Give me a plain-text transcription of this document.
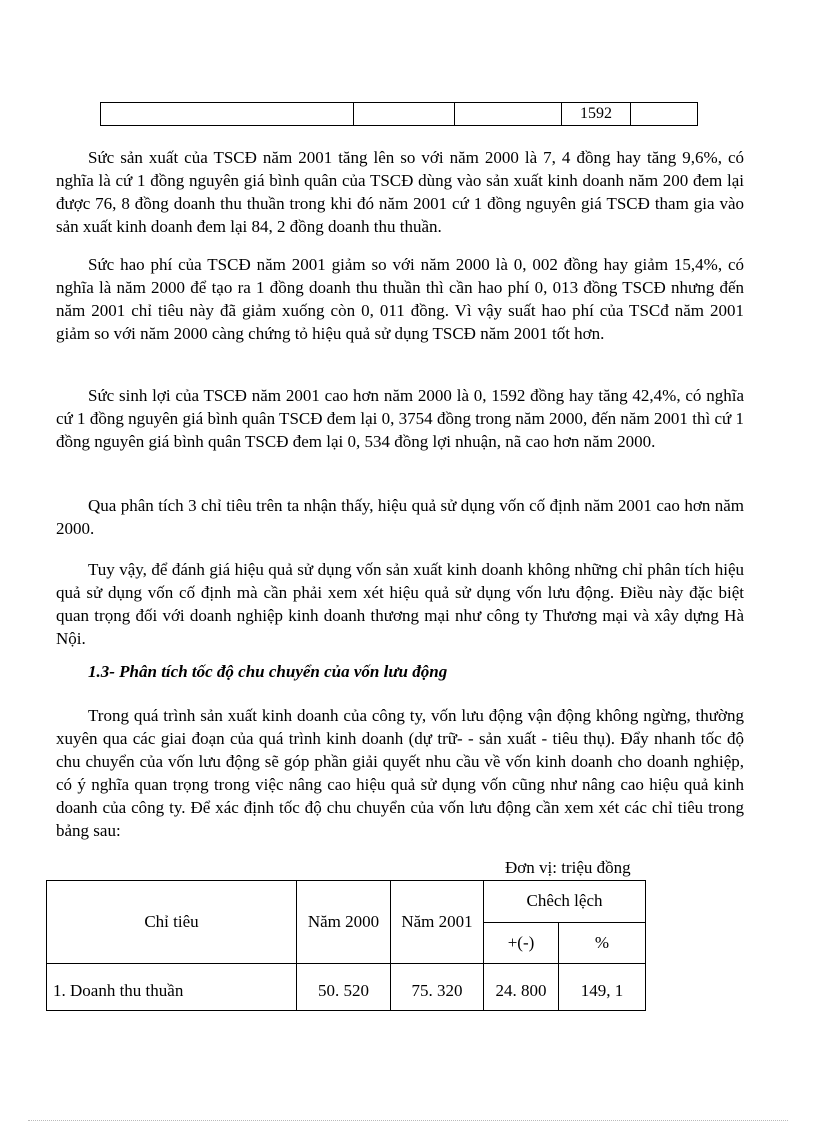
			1592	

Sức sản xuất của TSCĐ năm 2001 tăng lên so với năm 2000 là 7, 4 đồng hay tăng 9,6%, có nghĩa là cứ 1 đồng nguyên giá bình quân của TSCĐ dùng vào sản xuất kinh doanh năm 200 đem lại được 76, 8 đồng doanh thu thuần trong khi đó năm 2001 cứ 1 đồng nguyên giá TSCĐ tham gia vào sản xuất kinh doanh đem lại 84, 2 đồng doanh thu thuần.

Sức hao phí của TSCĐ năm 2001 giảm so với năm 2000 là 0, 002 đồng hay giảm 15,4%, có nghĩa là năm 2000 để tạo ra 1 đồng doanh thu thuần thì cần hao phí 0, 013 đồng TSCĐ nhưng đến năm 2001 chỉ tiêu này đã giảm xuống còn 0, 011 đồng. Vì vậy suất hao phí của TSCđ năm 2001 giảm so với năm 2000 càng chứng tỏ hiệu quả sử dụng TSCĐ năm 2001 tốt hơn.

Sức sinh lợi của TSCĐ năm 2001 cao hơn năm 2000 là 0, 1592 đồng hay tăng 42,4%, có nghĩa cứ 1 đồng nguyên giá bình quân TSCĐ đem lại 0, 3754 đồng trong năm 2000, đến năm 2001 thì cứ 1 đồng nguyên giá bình quân TSCĐ đem lại 0, 534 đồng lợi nhuận, nã cao hơn năm 2000.

Qua phân tích 3 chỉ tiêu trên ta nhận thấy, hiệu quả sử dụng vốn cố định năm 2001 cao hơn năm 2000.

Tuy vậy, để đánh giá hiệu quả sử dụng vốn sản xuất kinh doanh không những chỉ phân tích hiệu quả sử dụng vốn cố định mà cần phải xem xét hiệu quả sử dụng vốn lưu động. Điều này đặc biệt quan trọng đối với doanh nghiệp kinh doanh thương mại như công ty Thương mại và xây dựng Hà Nội.

1.3- Phân tích tốc độ chu chuyển của vốn lưu động

Trong quá trình sản xuất kinh doanh của công ty, vốn lưu động vận động không ngừng, thường xuyên qua các giai đoạn của quá trình kinh doanh (dự trữ- - sản xuất - tiêu thụ). Đẩy nhanh tốc độ chu chuyển của vốn lưu động sẽ góp phần giải quyết nhu cầu về vốn kinh doanh cho doanh nghiệp, có ý nghĩa quan trọng trong việc nâng cao hiệu quả sử dụng vốn cũng như nâng cao hiệu quả kinh doanh của công ty. Để xác định tốc độ chu chuyển của vốn lưu động cần xem xét các chỉ tiêu trong bảng sau:

Đơn vị: triệu đồng
Chỉ tiêu	Năm 2000	Năm 2001	Chêch lệch	
			+(-)	%
1. Doanh thu thuần	50. 520	75. 320	24. 800	149, 1
